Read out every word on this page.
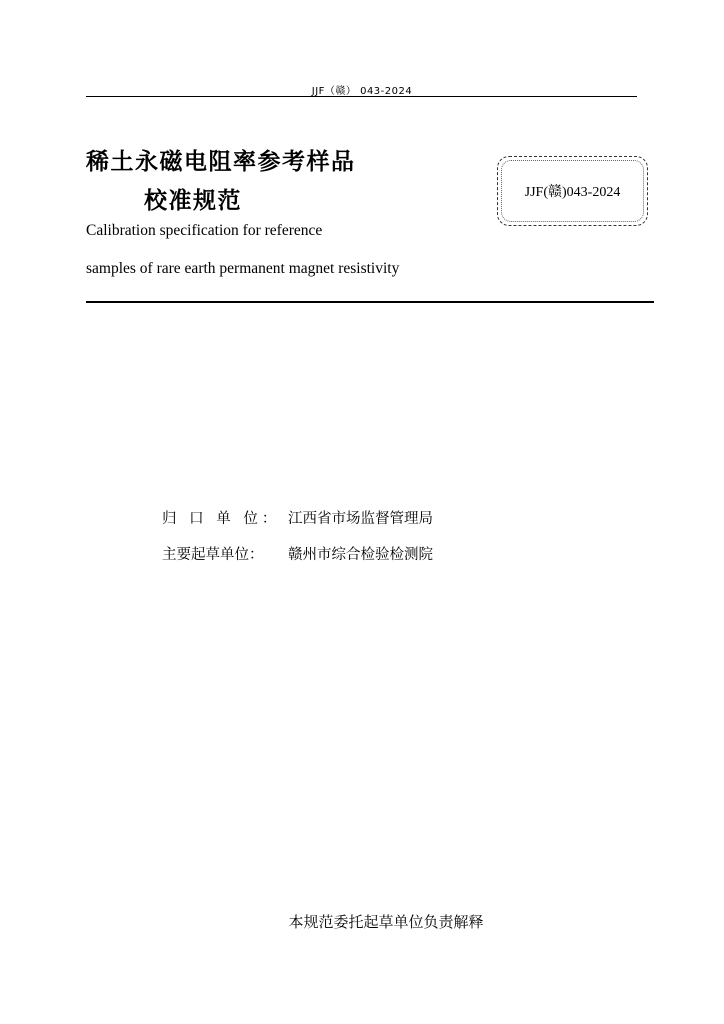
JJF（赣） 043-2024
稀土永磁电阻率参考样品
校准规范	JJF(赣)043-2024
Calibration specification for reference
samples of rare earth permanent magnet resistivity
归 口 单 位： 江西省市场监督管理局
主要起草单位：	赣州市综合检验检测院
本规范委托起草单位负责解释
